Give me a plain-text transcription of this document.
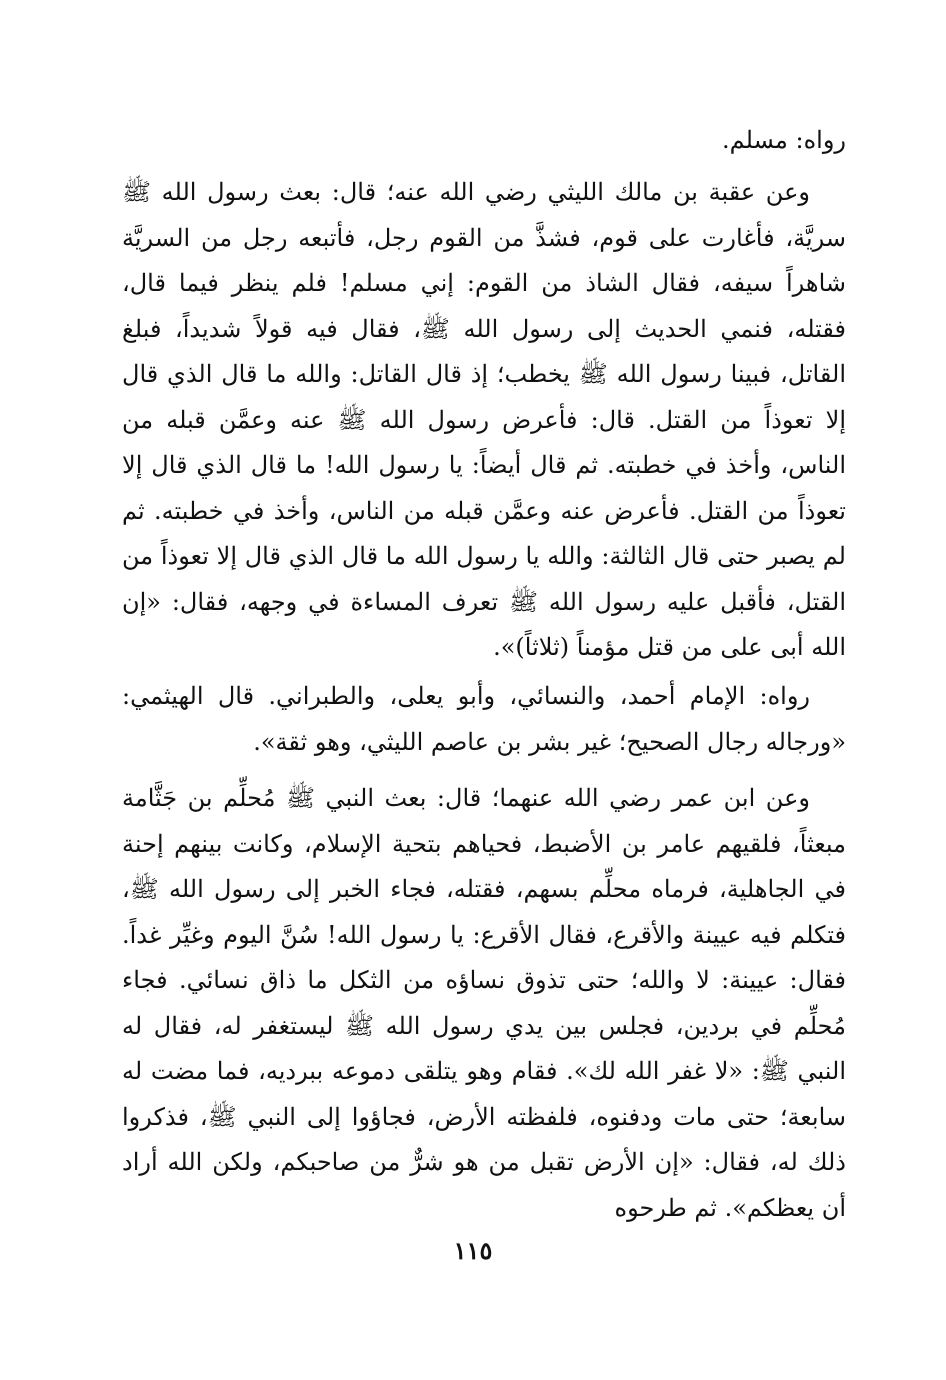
رواه: مسلم.

وعن عقبة بن مالك الليثي رضي الله عنه؛ قال: بعث رسول الله ﷺ سريَّة، فأغارت على قوم، فشذَّ من القوم رجل، فأتبعه رجل من السريَّة شاهراً سيفه، فقال الشاذ من القوم: إني مسلم! فلم ينظر فيما قال، فقتله، فنمي الحديث إلى رسول الله ﷺ، فقال فيه قولاً شديداً، فبلغ القاتل، فبينا رسول الله ﷺ يخطب؛ إذ قال القاتل: والله ما قال الذي قال إلا تعوذاً من القتل. قال: فأعرض رسول الله ﷺ عنه وعمَّن قبله من الناس، وأخذ في خطبته. ثم قال أيضاً: يا رسول الله! ما قال الذي قال إلا تعوذاً من القتل. فأعرض عنه وعمَّن قبله من الناس، وأخذ في خطبته. ثم لم يصبر حتى قال الثالثة: والله يا رسول الله ما قال الذي قال إلا تعوذاً من القتل، فأقبل عليه رسول الله ﷺ تعرف المساءة في وجهه، فقال: «إن الله أبى على من قتل مؤمناً (ثلاثاً)».

رواه: الإمام أحمد، والنسائي، وأبو يعلى، والطبراني. قال الهيثمي: «ورجاله رجال الصحيح؛ غير بشر بن عاصم الليثي، وهو ثقة».

وعن ابن عمر رضي الله عنهما؛ قال: بعث النبي ﷺ مُحلِّم بن جَثَّامة مبعثاً، فلقيهم عامر بن الأضبط، فحياهم بتحية الإسلام، وكانت بينهم إحنة في الجاهلية، فرماه محلِّم بسهم، فقتله، فجاء الخبر إلى رسول الله ﷺ، فتكلم فيه عيينة والأقرع، فقال الأقرع: يا رسول الله! سُنَّ اليوم وغيِّر غداً. فقال: عيينة: لا والله؛ حتى تذوق نساؤه من الثكل ما ذاق نسائي. فجاء مُحلِّم في بردين، فجلس بين يدي رسول الله ﷺ ليستغفر له، فقال له النبي ﷺ: «لا غفر الله لك». فقام وهو يتلقى دموعه ببرديه، فما مضت له سابعة؛ حتى مات ودفنوه، فلفظته الأرض، فجاؤوا إلى النبي ﷺ، فذكروا ذلك له، فقال: «إن الأرض تقبل من هو شرٌّ من صاحبكم، ولكن الله أراد أن يعظكم». ثم طرحوه

١١٥
